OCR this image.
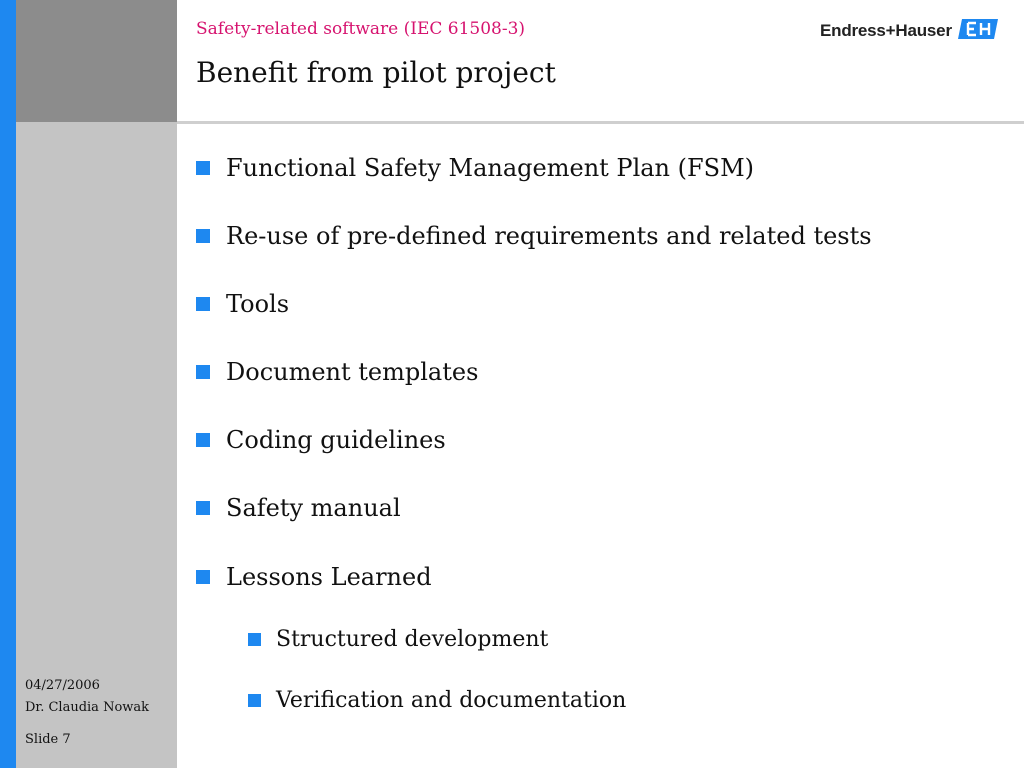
Safety-related software (IEC 61508-3)
Benefit from pilot project
Endress+Hauser
Functional Safety Management Plan (FSM)
Re-use of pre-defined requirements and related tests
Tools
Document templates
Coding guidelines
Safety manual
Lessons Learned
Structured development
Verification and documentation
04/27/2006
Dr. Claudia Nowak
Slide 7
